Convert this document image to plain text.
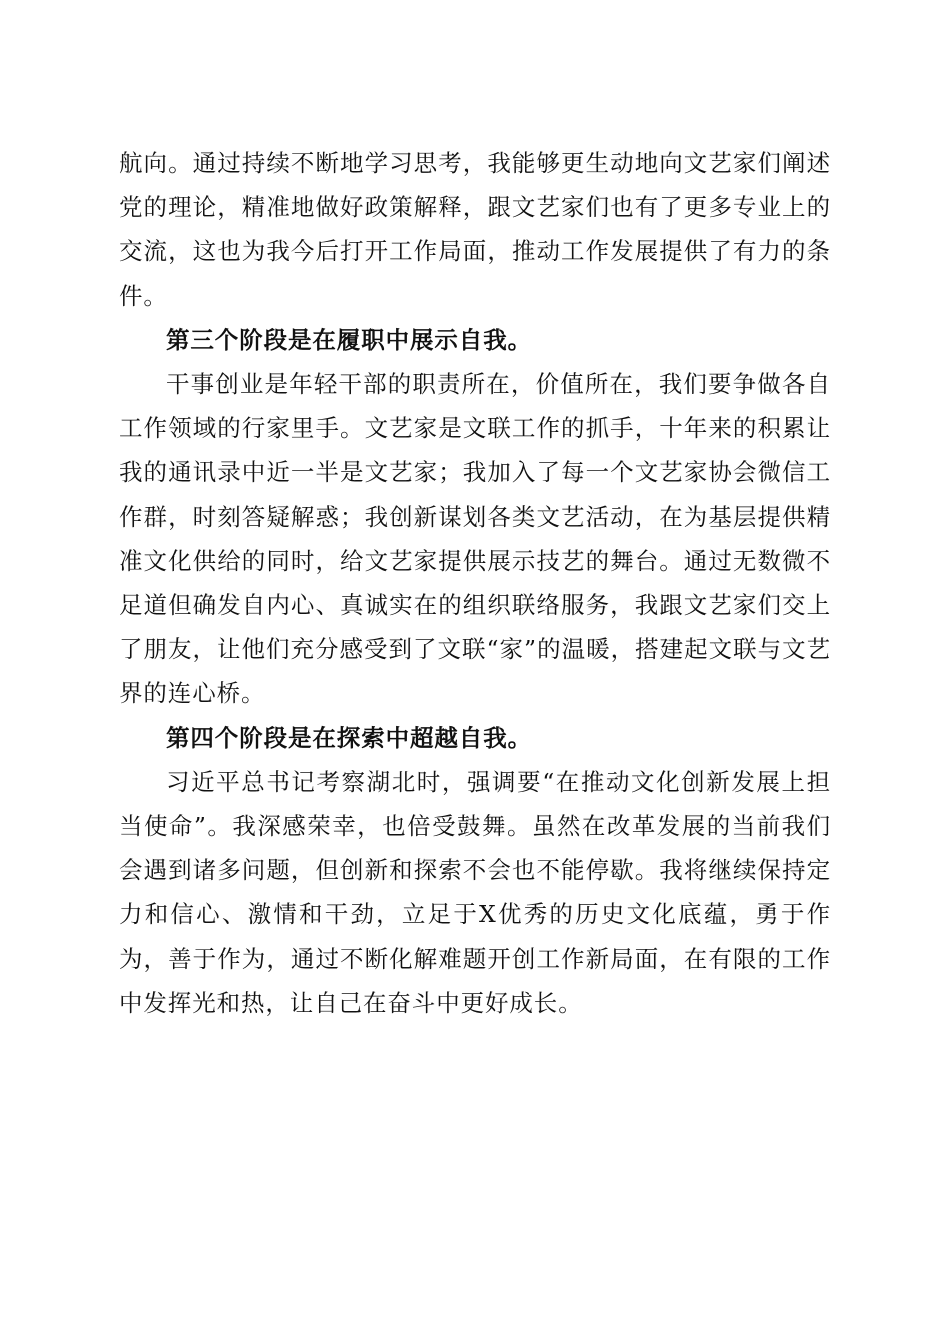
航向。通过持续不断地学习思考，我能够更生动地向文艺家们阐述党的理论，精准地做好政策解释，跟文艺家们也有了更多专业上的交流，这也为我今后打开工作局面，推动工作发展提供了有力的条件。

第三个阶段是在履职中展示自我。

干事创业是年轻干部的职责所在，价值所在，我们要争做各自工作领域的行家里手。文艺家是文联工作的抓手，十年来的积累让我的通讯录中近一半是文艺家；我加入了每一个文艺家协会微信工作群，时刻答疑解惑；我创新谋划各类文艺活动，在为基层提供精准文化供给的同时，给文艺家提供展示技艺的舞台。通过无数微不足道但确发自内心、真诚实在的组织联络服务，我跟文艺家们交上了朋友，让他们充分感受到了文联“家”的温暖，搭建起文联与文艺界的连心桥。

第四个阶段是在探索中超越自我。

习近平总书记考察湖北时，强调要“在推动文化创新发展上担当使命”。我深感荣幸，也倍受鼓舞。虽然在改革发展的当前我们会遇到诸多问题，但创新和探索不会也不能停歇。我将继续保持定力和信心、激情和干劲，立足于X优秀的历史文化底蕴，勇于作为，善于作为，通过不断化解难题开创工作新局面，在有限的工作中发挥光和热，让自己在奋斗中更好成长。
